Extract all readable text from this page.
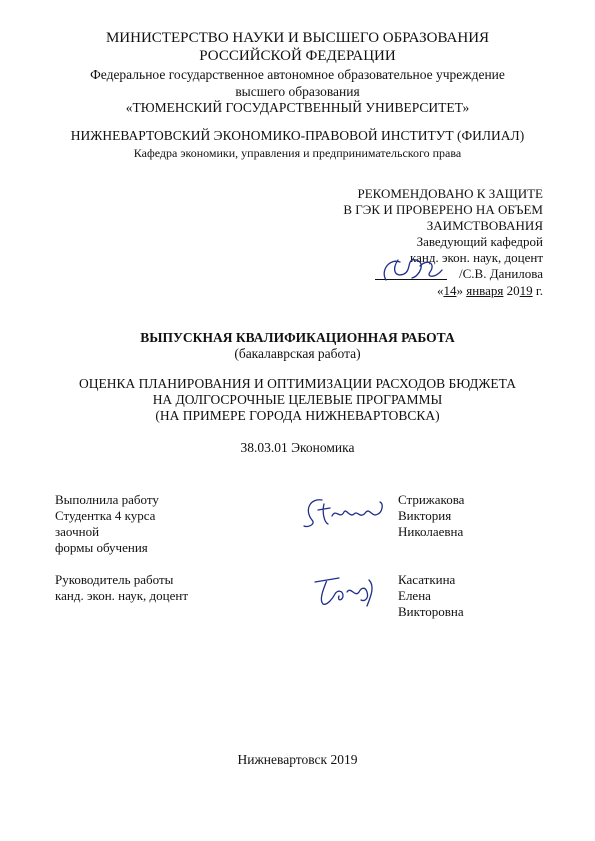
МИНИСТЕРСТВО НАУКИ И ВЫСШЕГО ОБРАЗОВАНИЯ
РОССИЙСКОЙ ФЕДЕРАЦИИ
Федеральное государственное автономное образовательное учреждение
высшего образования
«ТЮМЕНСКИЙ ГОСУДАРСТВЕННЫЙ УНИВЕРСИТЕТ»
НИЖНЕВАРТОВСКИЙ ЭКОНОМИКО-ПРАВОВОЙ ИНСТИТУТ (ФИЛИАЛ)
Кафедра экономики, управления и предпринимательского права
РЕКОМЕНДОВАНО К ЗАЩИТЕ
В ГЭК И ПРОВЕРЕНО НА ОБЪЕМ
ЗАИМСТВОВАНИЯ
Заведующий кафедрой
канд. экон. наук, доцент
/С.В. Данилова
«14» января 2019 г.
ВЫПУСКНАЯ КВАЛИФИКАЦИОННАЯ РАБОТА
(бакалаврская работа)
ОЦЕНКА ПЛАНИРОВАНИЯ И ОПТИМИЗАЦИИ РАСХОДОВ БЮДЖЕТА
НА ДОЛГОСРОЧНЫЕ ЦЕЛЕВЫЕ ПРОГРАММЫ
(НА ПРИМЕРЕ ГОРОДА НИЖНЕВАРТОВСКА)
38.03.01 Экономика
Выполнила работу
Студентка 4 курса
заочной
формы обучения
Стрижакова
Виктория
Николаевна
Руководитель работы
канд. экон. наук, доцент
Касаткина
Елена
Викторовна
Нижневартовск 2019
